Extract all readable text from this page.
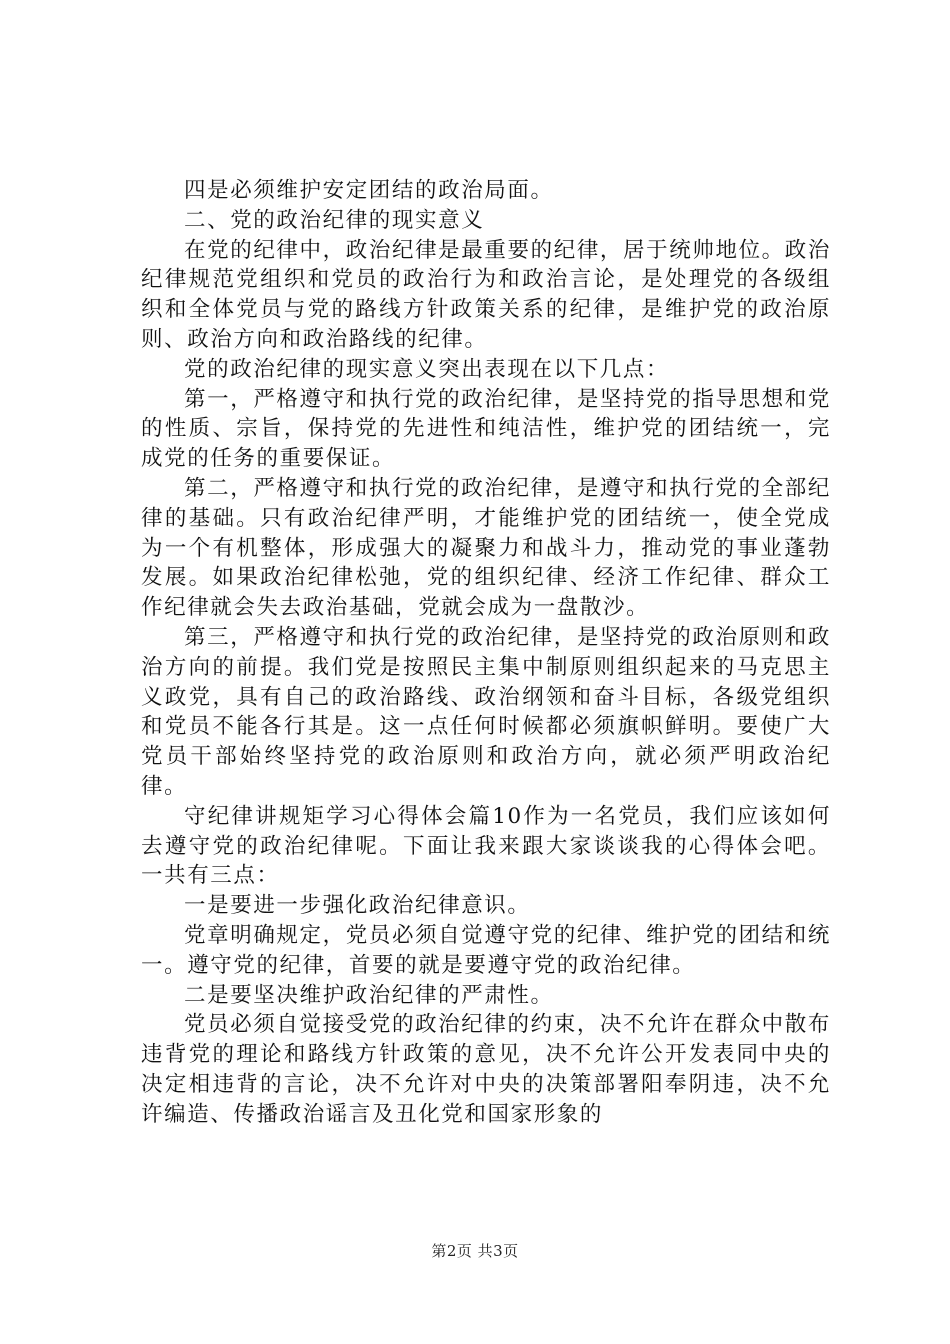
四是必须维护安定团结的政治局面。

二、党的政治纪律的现实意义

在党的纪律中，政治纪律是最重要的纪律，居于统帅地位。政治纪律规范党组织和党员的政治行为和政治言论，是处理党的各级组织和全体党员与党的路线方针政策关系的纪律，是维护党的政治原则、政治方向和政治路线的纪律。

党的政治纪律的现实意义突出表现在以下几点：

第一，严格遵守和执行党的政治纪律，是坚持党的指导思想和党的性质、宗旨，保持党的先进性和纯洁性，维护党的团结统一，完成党的任务的重要保证。

第二，严格遵守和执行党的政治纪律，是遵守和执行党的全部纪律的基础。只有政治纪律严明，才能维护党的团结统一，使全党成为一个有机整体，形成强大的凝聚力和战斗力，推动党的事业蓬勃发展。如果政治纪律松弛，党的组织纪律、经济工作纪律、群众工作纪律就会失去政治基础，党就会成为一盘散沙。

第三，严格遵守和执行党的政治纪律，是坚持党的政治原则和政治方向的前提。我们党是按照民主集中制原则组织起来的马克思主义政党，具有自己的政治路线、政治纲领和奋斗目标，各级党组织和党员不能各行其是。这一点任何时候都必须旗帜鲜明。要使广大党员干部始终坚持党的政治原则和政治方向，就必须严明政治纪律。

守纪律讲规矩学习心得体会篇10作为一名党员，我们应该如何去遵守党的政治纪律呢。下面让我来跟大家谈谈我的心得体会吧。一共有三点：

一是要进一步强化政治纪律意识。

党章明确规定，党员必须自觉遵守党的纪律、维护党的团结和统一。遵守党的纪律，首要的就是要遵守党的政治纪律。

二是要坚决维护政治纪律的严肃性。

党员必须自觉接受党的政治纪律的约束，决不允许在群众中散布违背党的理论和路线方针政策的意见，决不允许公开发表同中央的决定相违背的言论，决不允许对中央的决策部署阳奉阴违，决不允许编造、传播政治谣言及丑化党和国家形象的

第2页 共3页
